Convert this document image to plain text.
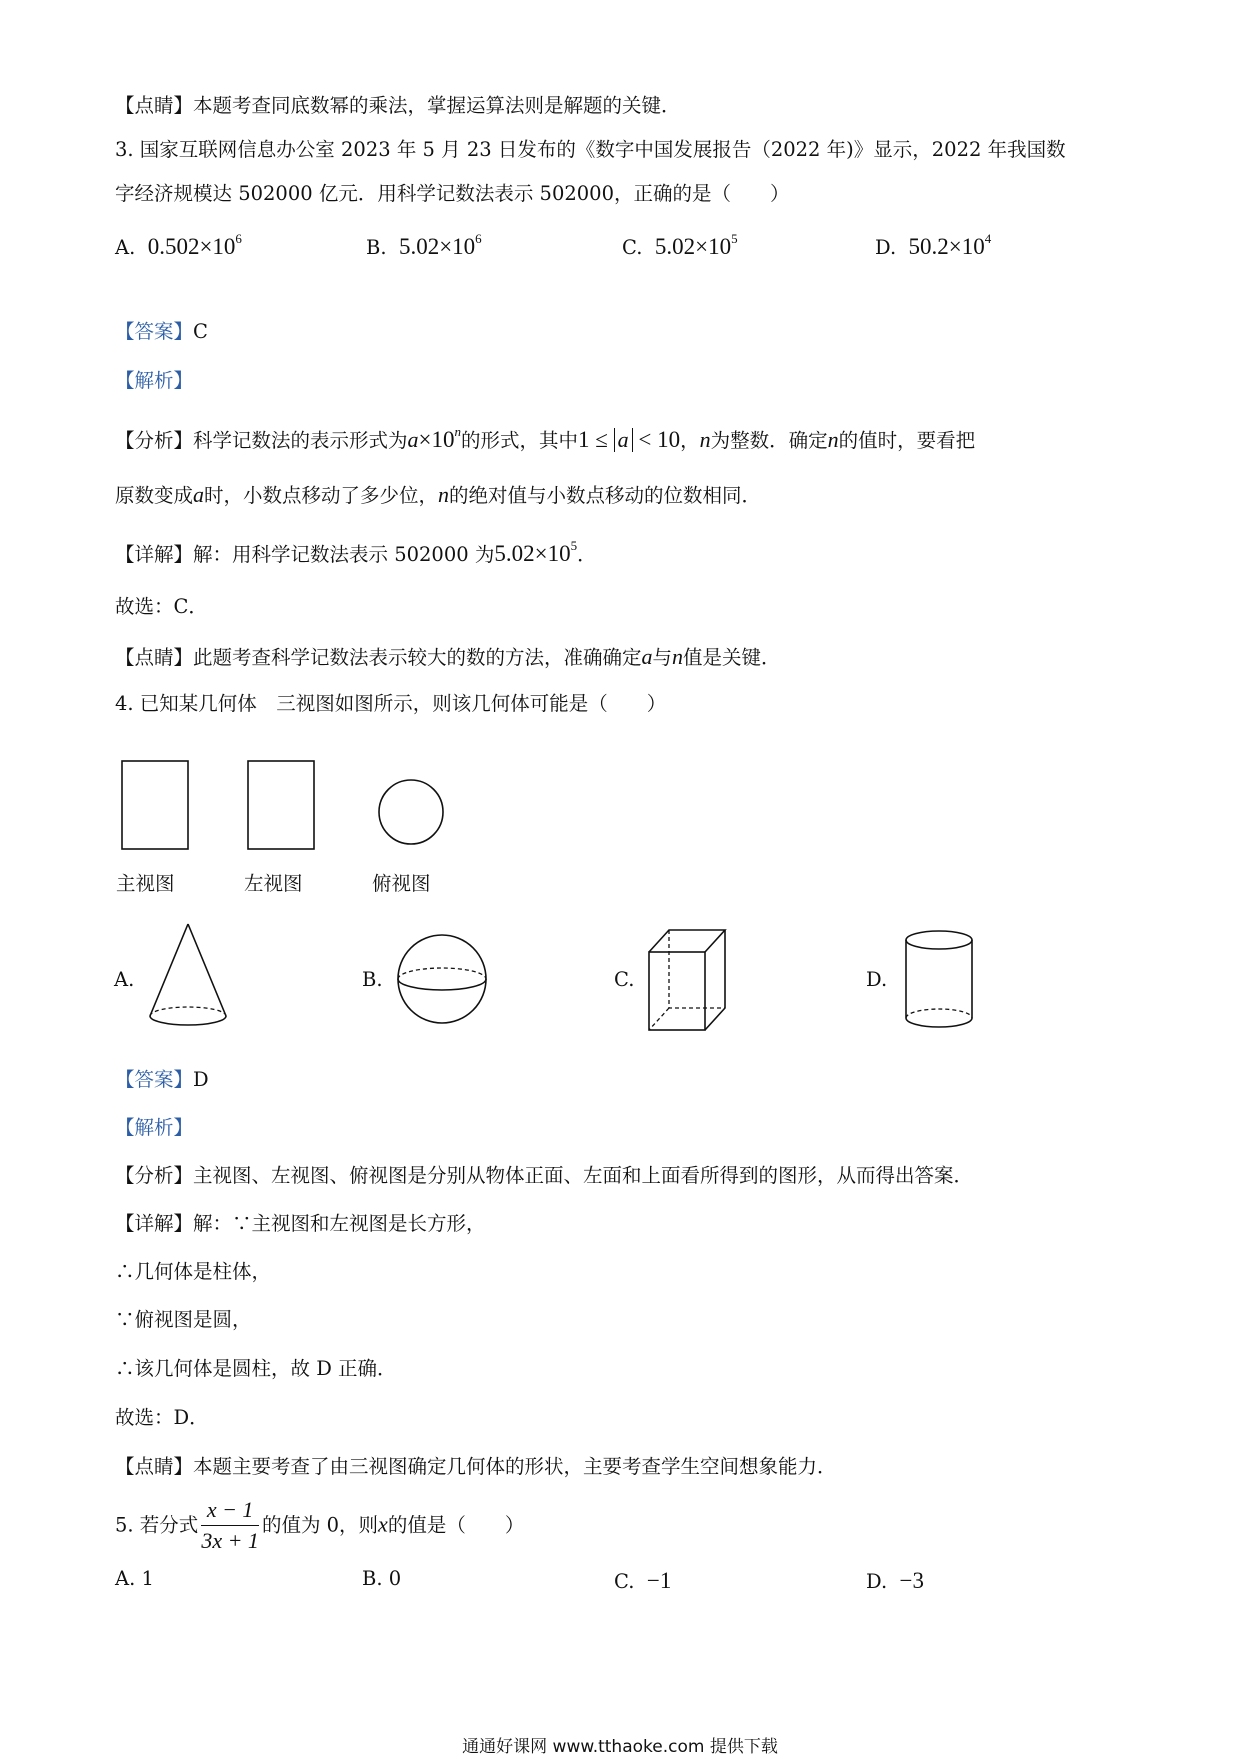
【点睛】本题考查同底数幂的乘法，掌握运算法则是解题的关键．
3. 国家互联网信息办公室 2023 年 5 月 23 日发布的《数字中国发展报告（2022 年)》显示，2022 年我国数
字经济规模达 502000 亿元．用科学记数法表示 502000，正确的是（　　）
A. $0.502\times 10^6$	B. $5.02\times 10^6$	C. $5.02\times 10^5$	D. $50.2\times 10^4$
【答案】C
【解析】
【分析】科学记数法的表示形式为$a\times 10^n$的形式，其中1 ≤ a < 10，n为整数．确定n的值时，要看把
原数变成a时，小数点移动了多少位，n的绝对值与小数点移动的位数相同．
【详解】解：用科学记数法表示 502000 为$5.02\times 10^5$．
故选：C．
【点睛】此题考查科学记数法表示较大的数的方法，准确确定a与n值是关键．
4. 已知某几何体　三视图如图所示，则该几何体可能是（　　）
主视图	左视图	俯视图
A.	B.	C.	D.
【答案】D
【解析】
【分析】主视图、左视图、俯视图是分别从物体正面、左面和上面看所得到的图形，从而得出答案．
【详解】解：∵主视图和左视图是长方形，
∴几何体是柱体，
∵俯视图是圆，
∴该几何体是圆柱，故 D 正确．
故选：D．
【点睛】本题主要考查了由三视图确定几何体的形状，主要考查学生空间想象能力．
5. 若分式 $\frac{x - 1}{3x + 1}$ 的值为 0，则x的值是（　　）
A. 1	B. 0	C. −1	D. −3
通通好课网 www.tthaoke.com 提供下载
